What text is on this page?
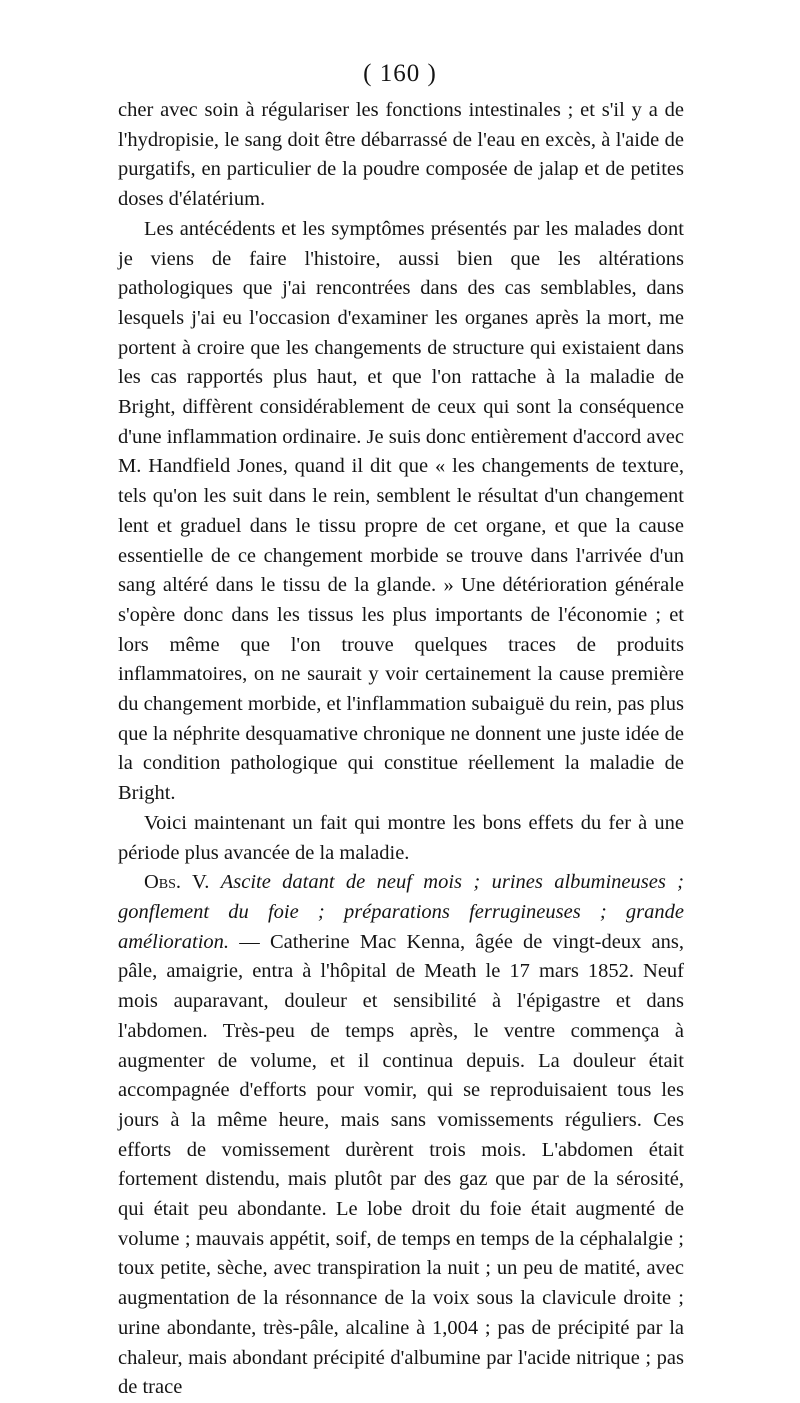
( 160 )

cher avec soin à régulariser les fonctions intestinales ; et s'il y a de l'hydropisie, le sang doit être débarrassé de l'eau en excès, à l'aide de purgatifs, en particulier de la poudre composée de jalap et de petites doses d'élatérium.

Les antécédents et les symptômes présentés par les malades dont je viens de faire l'histoire, aussi bien que les altérations pathologiques que j'ai rencontrées dans des cas semblables, dans lesquels j'ai eu l'occasion d'examiner les organes après la mort, me portent à croire que les changements de structure qui existaient dans les cas rapportés plus haut, et que l'on rattache à la maladie de Bright, diffèrent considérablement de ceux qui sont la conséquence d'une inflammation ordinaire. Je suis donc entièrement d'accord avec M. Handfield Jones, quand il dit que « les changements de texture, tels qu'on les suit dans le rein, semblent le résultat d'un changement lent et graduel dans le tissu propre de cet organe, et que la cause essentielle de ce changement morbide se trouve dans l'arrivée d'un sang altéré dans le tissu de la glande. » Une détérioration générale s'opère donc dans les tissus les plus importants de l'économie ; et lors même que l'on trouve quelques traces de produits inflammatoires, on ne saurait y voir certainement la cause première du changement morbide, et l'inflammation subaiguë du rein, pas plus que la néphrite desquamative chronique ne donnent une juste idée de la condition pathologique qui constitue réellement la maladie de Bright.

Voici maintenant un fait qui montre les bons effets du fer à une période plus avancée de la maladie.

Obs. V. Ascite datant de neuf mois ; urines albumineuses ; gonflement du foie ; préparations ferrugineuses ; grande amélioration. — Catherine Mac Kenna, âgée de vingt-deux ans, pâle, amaigrie, entra à l'hôpital de Meath le 17 mars 1852. Neuf mois auparavant, douleur et sensibilité à l'épigastre et dans l'abdomen. Très-peu de temps après, le ventre commença à augmenter de volume, et il continua depuis. La douleur était accompagnée d'efforts pour vomir, qui se reproduisaient tous les jours à la même heure, mais sans vomissements réguliers. Ces efforts de vomissement durèrent trois mois. L'abdomen était fortement distendu, mais plutôt par des gaz que par de la sérosité, qui était peu abondante. Le lobe droit du foie était augmenté de volume ; mauvais appétit, soif, de temps en temps de la céphalalgie ; toux petite, sèche, avec transpiration la nuit ; un peu de matité, avec augmentation de la résonnance de la voix sous la clavicule droite ; urine abondante, très-pâle, alcaline à 1,004 ; pas de précipité par la chaleur, mais abondant précipité d'albumine par l'acide nitrique ; pas de trace
